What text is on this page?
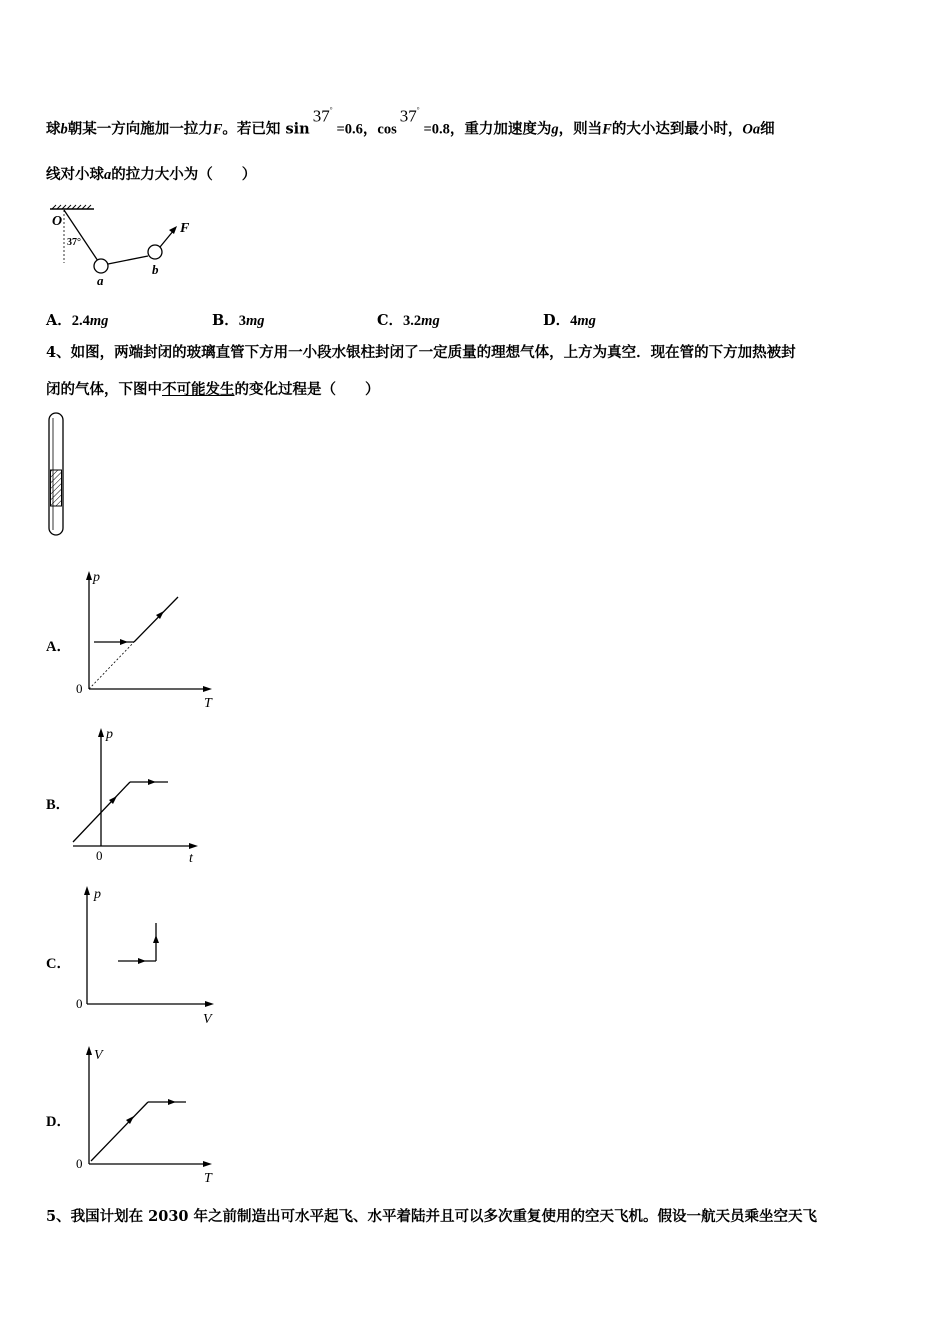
球b朝某一方向施加一拉力F。若已知 sin37°=0.6，cos37°=0.8，重力加速度为g，则当F的大小达到最小时，Oa细
线对小球a的拉力大小为（　　）
O
37°
a
b
F
A．2.4mg	B．3mg	C．3.2mg	D．4mg
4、如图，两端封闭的玻璃直管下方用一小段水银柱封闭了一定质量的理想气体，上方为真空．现在管的下方加热被封
闭的气体，下图中不可能发生的变化过程是（　　）
A．
p
T
0
B．
p
t
0
C．
p
V
0
D．
V
T
0
5、我国计划在 2030 年之前制造出可水平起飞、水平着陆并且可以多次重复使用的空天飞机。假设一航天员乘坐空天飞
